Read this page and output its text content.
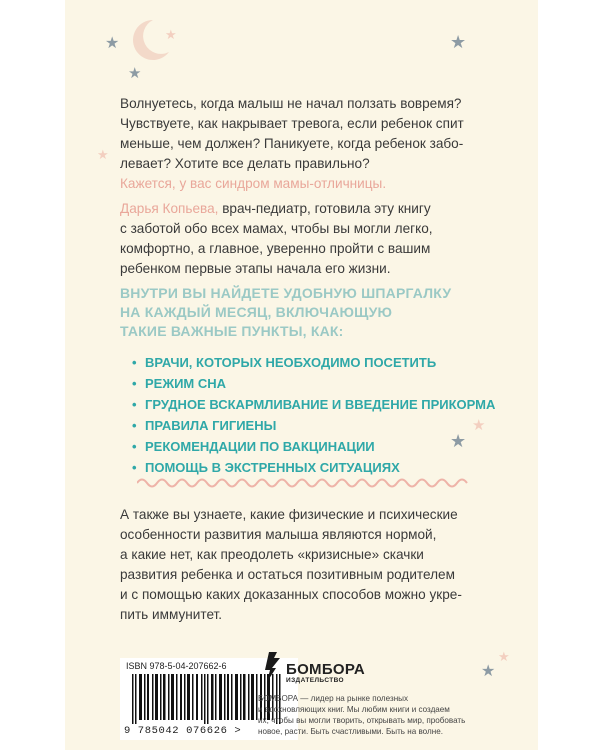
★
★
★
★
★
★
★
★
★
Волнуетесь, когда малыш не начал ползать вовремя?
Чувствуете, как накрывает тревога, если ребенок спит
меньше, чем должен? Паникуете, когда ребенок забо-
левает? Хотите все делать правильно?
Кажется, у вас синдром мамы-отличницы.
Дарья Копьева, врач-педиатр, готовила эту книгу
с заботой обо всех мамах, чтобы вы могли легко,
комфортно, а главное, уверенно пройти с вашим
ребенком первые этапы начала его жизни.
ВНУТРИ ВЫ НАЙДЕТЕ УДОБНУЮ ШПАРГАЛКУ
НА КАЖДЫЙ МЕСЯЦ, ВКЛЮЧАЮЩУЮ
ТАКИЕ ВАЖНЫЕ ПУНКТЫ, КАК:
• ВРАЧИ, КОТОРЫХ НЕОБХОДИМО ПОСЕТИТЬ
• РЕЖИМ СНА
• ГРУДНОЕ ВСКАРМЛИВАНИЕ И ВВЕДЕНИЕ ПРИКОРМА
• ПРАВИЛА ГИГИЕНЫ
• РЕКОМЕНДАЦИИ ПО ВАКЦИНАЦИИ
• ПОМОЩЬ В ЭКСТРЕННЫХ СИТУАЦИЯХ
А также вы узнаете, какие физические и психические
особенности развития малыша являются нормой,
а какие нет, как преодолеть «кризисные» скачки
развития ребенка и остаться позитивным родителем
и с помощью каких доказанных способов можно укре-
пить иммунитет.
ISBN 978-5-04-207662-6
9 785042 076626 >
БОМБОРА
ИЗДАТЕЛЬСТВО
БОМБОРА — лидер на рынке полезных
и вдохновляющих книг. Мы любим книги и создаем
их, чтобы вы могли творить, открывать мир, пробовать
новое, расти. Быть счастливыми. Быть на волне.
